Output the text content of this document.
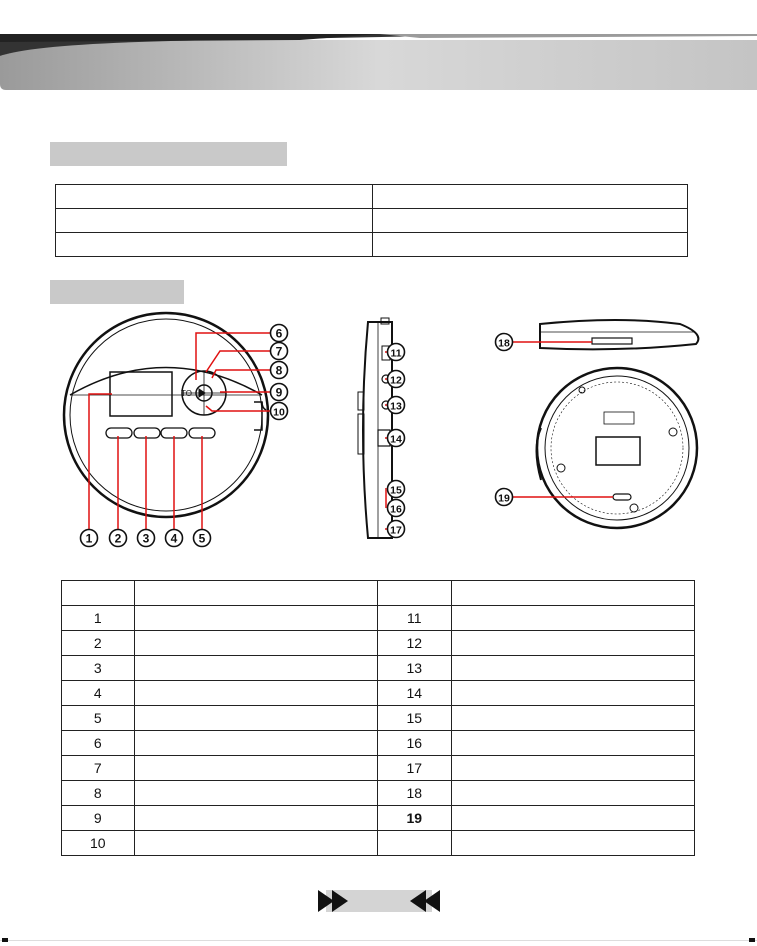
TO
1 2 3 4 5
6
7
8
9
10
11
12
13
14
15
16
17
18
19

1		11	
2		12	
3		13	
4		14	
5		15	
6		16	
7		17	
8		18	
9		19	
10			
